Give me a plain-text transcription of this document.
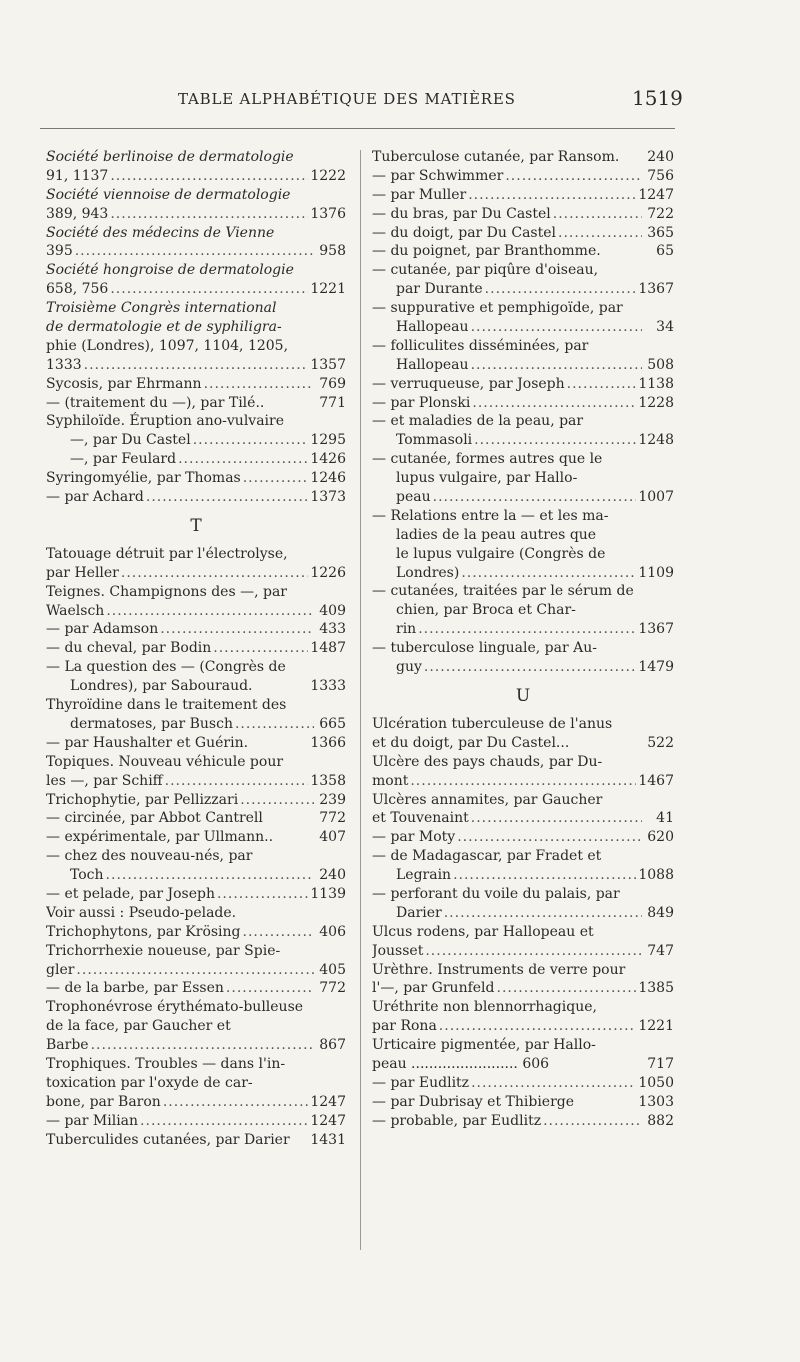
TABLE ALPHABÉTIQUE DES MATIÈRES	1519
Société berlinoise de dermatologie
91, 1137 .....	1222
Société viennoise de dermatologie
389, 943 .....	1376
Société des médecins de Vienne
395 .....	958
Société hongroise de dermatologie
658, 756 .....	1221
Troisième Congrès international
de dermatologie et de syphiligra-
phie (Londres), 1097, 1104, 1205,
1333 .....	1357
Sycosis, par Ehrmann .....	769
— (traitement du —), par Tilé..	771
Syphiloïde. Éruption ano-vulvaire
—, par Du Castel .....	1295
—, par Feulard .....	1426
Syringomyélie, par Thomas .....	1246
— par Achard .....	1373
T
Tatouage détruit par l'électrolyse,
par Heller .....	1226
Teignes. Champignons des —, par
Waelsch .....	409
— par Adamson .....	433
— du cheval, par Bodin .....	1487
— La question des — (Congrès de
Londres), par Sabouraud.	1333
Thyroïdine dans le traitement des
dermatoses, par Busch .....	665
— par Haushalter et Guérin.	1366
Topiques. Nouveau véhicule pour
les —, par Schiff .....	1358
Trichophytie, par Pellizzari .....	239
— circinée, par Abbot Cantrell	772
— expérimentale, par Ullmann..	407
— chez des nouveau-nés, par
Toch .....	240
— et pelade, par Joseph .....	1139
Voir aussi : Pseudo-pelade.
Trichophytons, par Krösing .....	406
Trichorrhexie noueuse, par Spie-
gler .....	405
— de la barbe, par Essen .....	772
Trophonévrose érythémato-bulleuse
de la face, par Gaucher et
Barbe .....	867
Trophiques. Troubles — dans l'in-
toxication par l'oxyde de car-
bone, par Baron .....	1247
— par Milian .....	1247
Tuberculides cutanées, par Darier 1431
Tuberculose cutanée, par Ransom. 240
— par Schwimmer .....	756
— par Muller .....	1247
— du bras, par Du Castel .....	722
— du doigt, par Du Castel .....	365
— du poignet, par Branthomme.	65
— cutanée, par piqûre d'oiseau,
par Durante .....	1367
— suppurative et pemphigoïde, par
Hallopeau .....	34
— folliculites disséminées, par
Hallopeau .....	508
— verruqueuse, par Joseph .....	1138
— par Plonski .....	1228
— et maladies de la peau, par
Tommasoli .....	1248
— cutanée, formes autres que le
lupus vulgaire, par Hallo-
peau .....	1007
— Relations entre la — et les ma-
ladies de la peau autres que
le lupus vulgaire (Congrès de
Londres) .....	1109
— cutanées, traitées par le sérum de
chien, par Broca et Char-
rin .....	1367
— tuberculose linguale, par Au-
guy .....	1479
U
Ulcération tuberculeuse de l'anus
et du doigt, par Du Castel...	522
Ulcère des pays chauds, par Du-
mont .....	1467
Ulcères annamites, par Gaucher
et Touvenaint .....	41
— par Moty .....	620
— de Madagascar, par Fradet et
Legrain .....	1088
— perforant du voile du palais, par
Darier .....	849
Ulcus rodens, par Hallopeau et
Jousset .....	747
Urèthre. Instruments de verre pour
l'—, par Grunfeld .....	1385
Uréthrite non blennorrhagique,
par Rona .....	1221
Urticaire pigmentée, par Hallo-
peau ........................ 606	717
— par Eudlitz .....	1050
— par Dubrisay et Thibierge	1303
— probable, par Eudlitz .....	882
